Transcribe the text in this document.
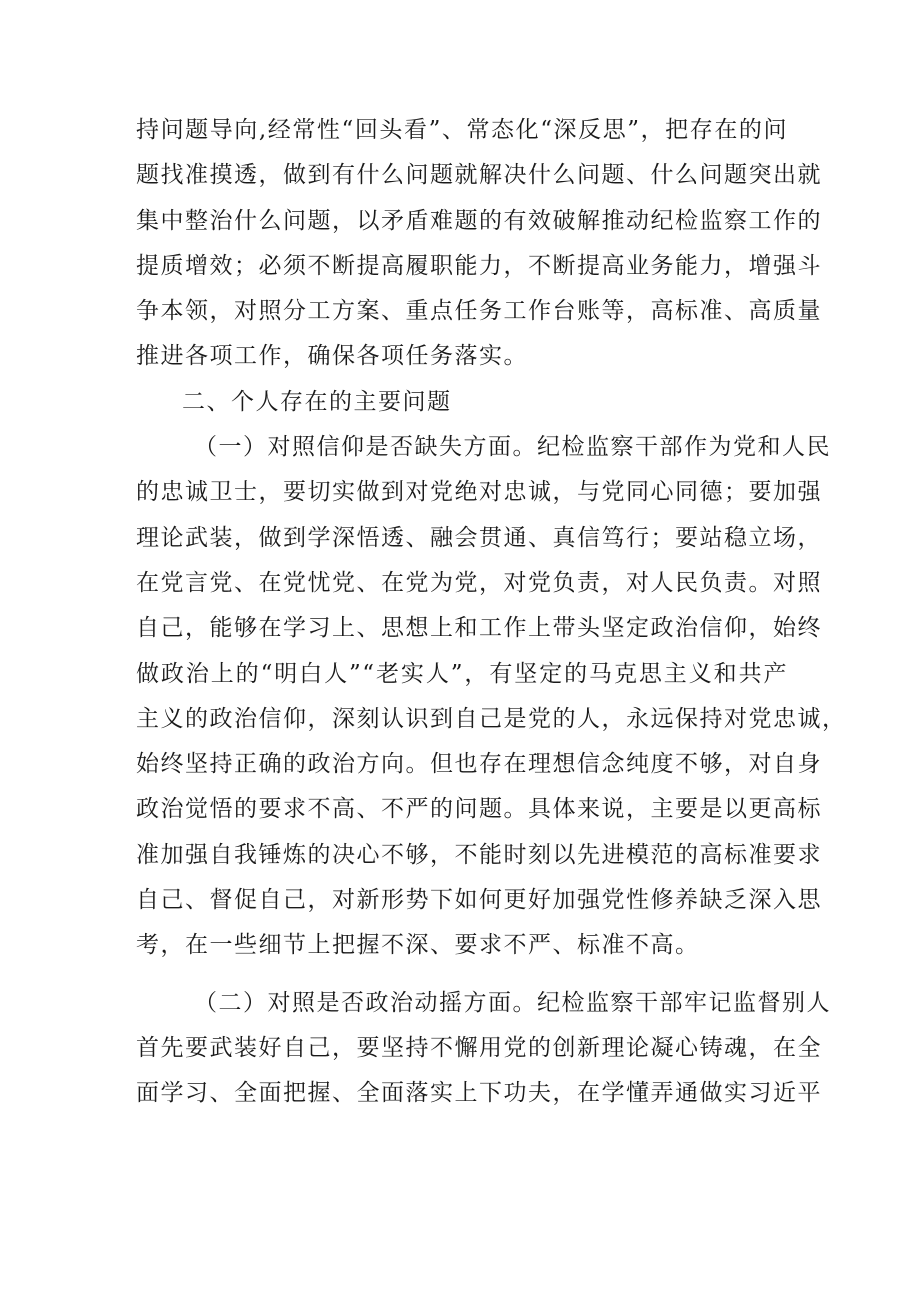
持问题导向,经常性“回头看”、常态化“深反思”，把存在的问
题找准摸透，做到有什么问题就解决什么问题、什么问题突出就
集中整治什么问题，以矛盾难题的有效破解推动纪检监察工作的
提质增效；必须不断提高履职能力，不断提高业务能力，增强斗
争本领，对照分工方案、重点任务工作台账等，高标准、高质量
推进各项工作，确保各项任务落实。
二、个人存在的主要问题
（一）对照信仰是否缺失方面。纪检监察干部作为党和人民
的忠诚卫士，要切实做到对党绝对忠诚，与党同心同德；要加强
理论武装，做到学深悟透、融会贯通、真信笃行；要站稳立场，
在党言党、在党忧党、在党为党，对党负责，对人民负责。对照
自己，能够在学习上、思想上和工作上带头坚定政治信仰，始终
做政治上的“明白人”“老实人”，有坚定的马克思主义和共产
主义的政治信仰，深刻认识到自己是党的人，永远保持对党忠诚，
始终坚持正确的政治方向。但也存在理想信念纯度不够，对自身
政治觉悟的要求不高、不严的问题。具体来说，主要是以更高标
准加强自我锤炼的决心不够，不能时刻以先进模范的高标准要求
自己、督促自己，对新形势下如何更好加强党性修养缺乏深入思
考，在一些细节上把握不深、要求不严、标准不高。
（二）对照是否政治动摇方面。纪检监察干部牢记监督别人
首先要武装好自己，要坚持不懈用党的创新理论凝心铸魂，在全
面学习、全面把握、全面落实上下功夫，在学懂弄通做实习近平
